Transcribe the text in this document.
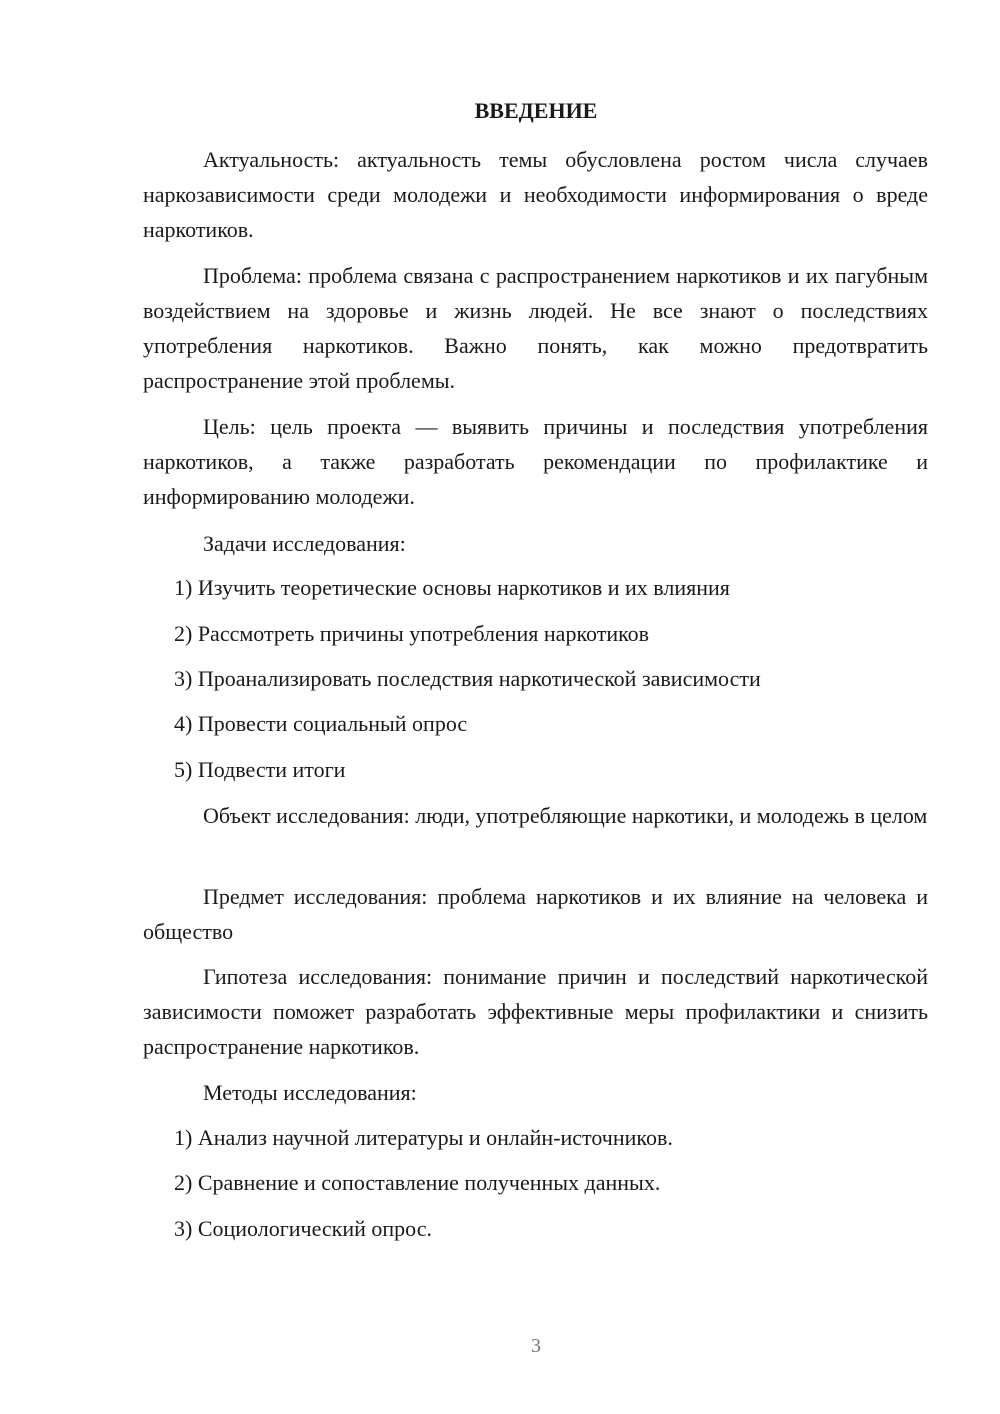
ВВЕДЕНИЕ

Актуальность: актуальность темы обусловлена ростом числа случаев наркозависимости среди молодежи и необходимости информирования о вреде наркотиков.

Проблема: проблема связана с распространением наркотиков и их пагубным воздействием на здоровье и жизнь людей. Не все знают о последствиях употребления наркотиков. Важно понять, как можно предотвратить распространение этой проблемы.

Цель: цель проекта — выявить причины и последствия употребления наркотиков, а также разработать рекомендации по профилактике и информированию молодежи.

Задачи исследования:

1) Изучить теоретические основы наркотиков и их влияния

2) Рассмотреть причины употребления наркотиков

3) Проанализировать последствия наркотической зависимости

4) Провести социальный опрос

5) Подвести итоги

Объект исследования: люди, употребляющие наркотики, и молодежь в целом

Предмет исследования: проблема наркотиков и их влияние на человека и общество

Гипотеза исследования: понимание причин и последствий наркотической зависимости поможет разработать эффективные меры профилактики и снизить распространение наркотиков.

Методы исследования:

1) Анализ научной литературы и онлайн-источников.

2) Сравнение и сопоставление полученных данных.

3) Социологический опрос.

3
